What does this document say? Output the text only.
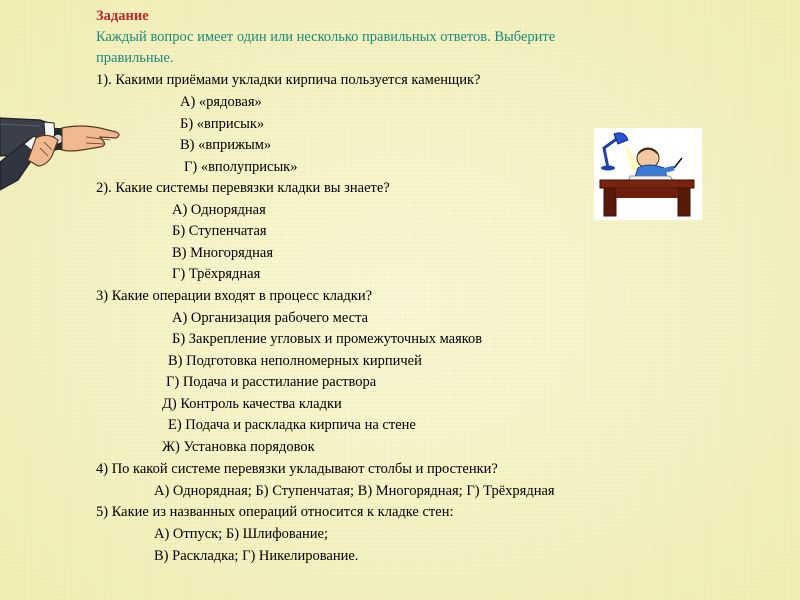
Задание
Каждый вопрос имеет один или несколько правильных ответов. Выберите
правильные.
1). Какими приёмами укладки кирпича пользуется каменщик?
А) «рядовая»
Б) «вприсык»
В) «вприжым»
Г) «вполуприсык»
2). Какие системы перевязки кладки вы знаете?
А) Однорядная
Б) Ступенчатая
В) Многорядная
Г) Трёхрядная
3) Какие операции входят в процесс кладки?
А) Организация рабочего места
Б) Закрепление угловых и промежуточных маяков
В) Подготовка неполномерных кирпичей
Г) Подача и расстилание раствора
Д) Контроль качества кладки
Е) Подача и раскладка кирпича на стене
Ж) Установка порядовок
4) По какой системе перевязки укладывают столбы и простенки?
А) Однорядная; Б) Ступенчатая; В) Многорядная; Г) Трёхрядная
5) Какие из названных операций относится к кладке стен:
А) Отпуск; Б) Шлифование;
В) Раскладка; Г) Никелирование.
